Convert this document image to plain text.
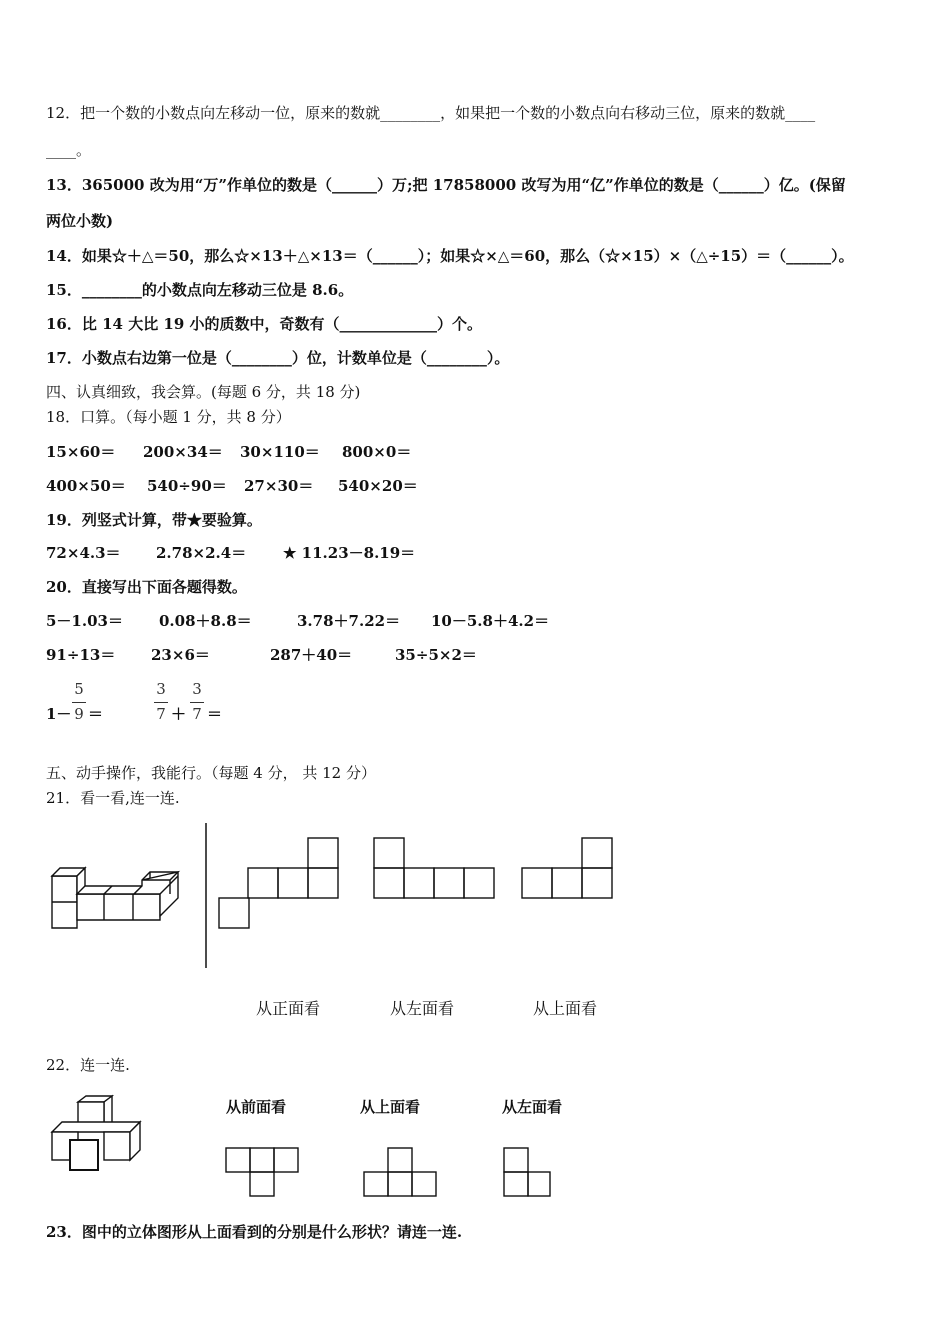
12．把一个数的小数点向左移动一位，原来的数就________，如果把一个数的小数点向右移动三位，原来的数就____
____。
13．365000 改为用“万”作单位的数是（______）万;把 17858000 改写为用“亿”作单位的数是（______）亿。(保留
两位小数)
14．如果☆＋△＝50，那么☆×13＋△×13＝（______）；如果☆×△＝60，那么（☆×15）×（△÷15）＝（______）。
15．________的小数点向左移动三位是 8.6。
16．比 14 大比 19 小的质数中，奇数有（_____________）个。
17．小数点右边第一位是（________）位，计数单位是（________）。
四、认真细致，我会算。(每题 6 分，共 18 分)
18．口算。（每小题 1 分，共 8 分）
15×60＝ 200×34＝ 30×110＝ 800×0＝
400×50＝ 540÷90＝ 27×30＝ 540×20＝
19．列竖式计算，带★要验算。
72×4.3＝ 2.78×2.4＝ ★ 11.23－8.19＝
20．直接写出下面各题得数。
5－1.03＝ 0.08＋8.8＝	3.78＋7.22＝ 10－5.8＋4.2＝
91÷13＝ 23×6＝	287＋40＝	35÷5×2＝
1－ ＝
5
9
3
7 ＋
3
7 ＝
五、动手操作，我能行。（每题 4 分， 共 12 分）
21．看一看,连一连.
从正面看	从左面看	从上面看
22．连一连.
从前面看	从上面看	从左面看
23．图中的立体图形从上面看到的分别是什么形状？请连一连.
